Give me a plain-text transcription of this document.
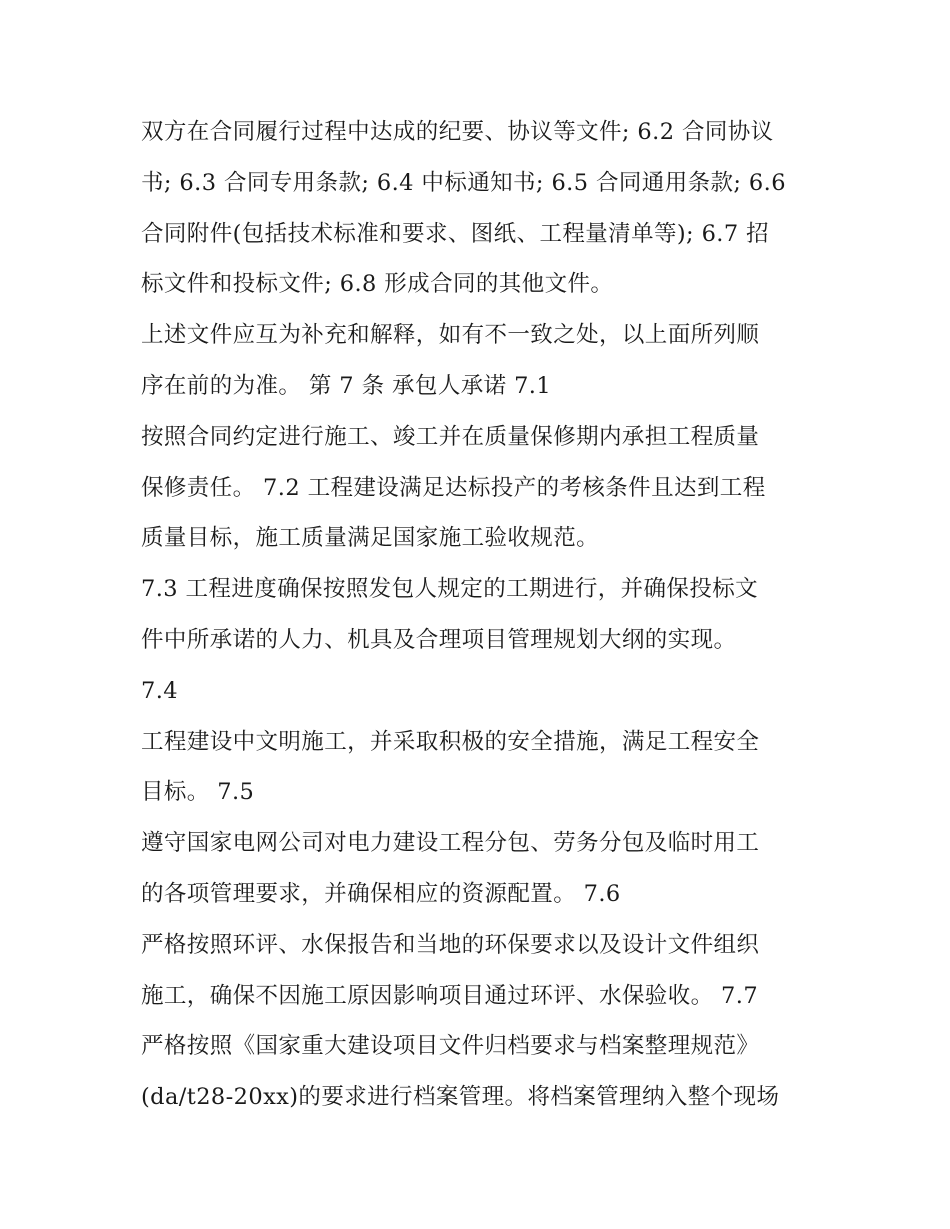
双方在合同履行过程中达成的纪要、协议等文件; 6.2 合同协议
书; 6.3 合同专用条款; 6.4 中标通知书; 6.5 合同通用条款; 6.6
合同附件(包括技术标准和要求、图纸、工程量清单等); 6.7 招
标文件和投标文件; 6.8 形成合同的其他文件。
上述文件应互为补充和解释，如有不一致之处，以上面所列顺
序在前的为准。 第 7 条 承包人承诺 7.1
按照合同约定进行施工、竣工并在质量保修期内承担工程质量
保修责任。 7.2 工程建设满足达标投产的考核条件且达到工程
质量目标，施工质量满足国家施工验收规范。
7.3 工程进度确保按照发包人规定的工期进行，并确保投标文
件中所承诺的人力、机具及合理项目管理规划大纲的实现。
7.4
工程建设中文明施工，并采取积极的安全措施，满足工程安全
目标。 7.5
遵守国家电网公司对电力建设工程分包、劳务分包及临时用工
的各项管理要求，并确保相应的资源配置。 7.6
严格按照环评、水保报告和当地的环保要求以及设计文件组织
施工，确保不因施工原因影响项目通过环评、水保验收。 7.7
严格按照《国家重大建设项目文件归档要求与档案整理规范》
(da/t28-20xx)的要求进行档案管理。将档案管理纳入整个现场
